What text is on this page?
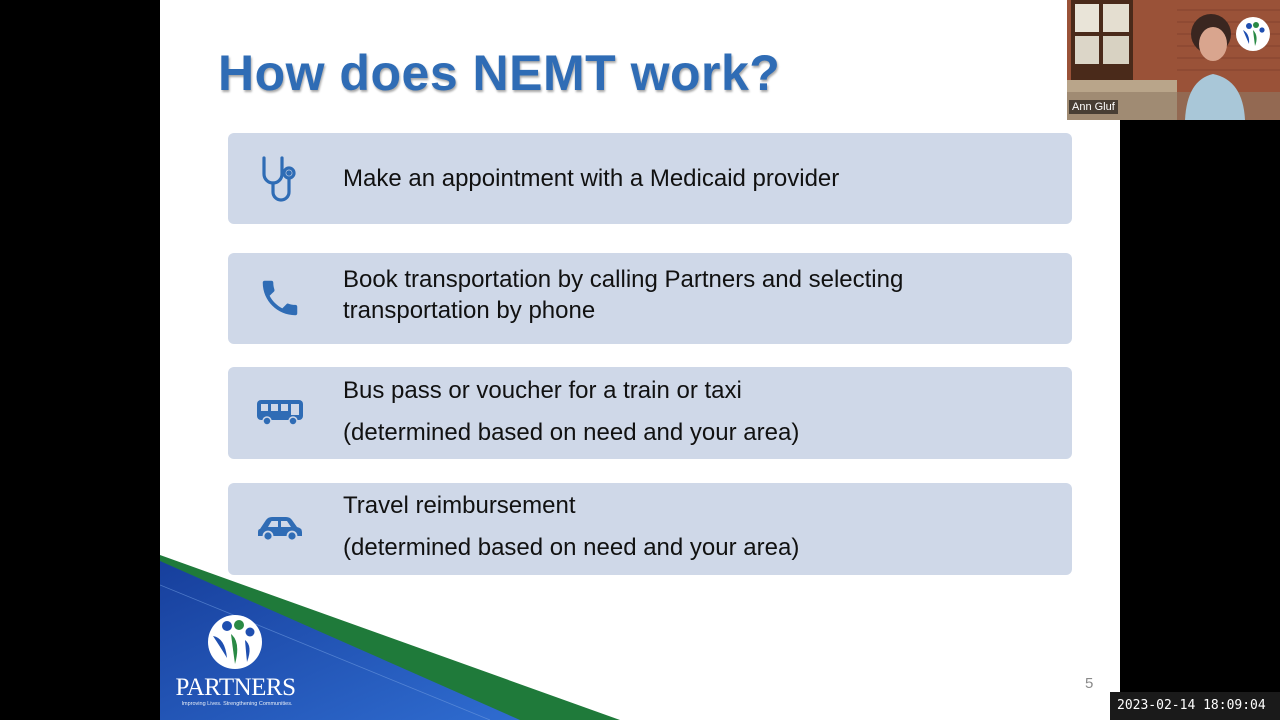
How does NEMT work?
Make an appointment with a Medicaid provider
Book transportation by calling Partners and selecting
transportation by phone
Bus pass or voucher for a train or taxi
(determined based on need and your area)
Travel reimbursement
(determined based on need and your area)
PARTNERS
Improving Lives. Strengthening Communities.
5
Ann Gluf
2023-02-14 18:09:04
